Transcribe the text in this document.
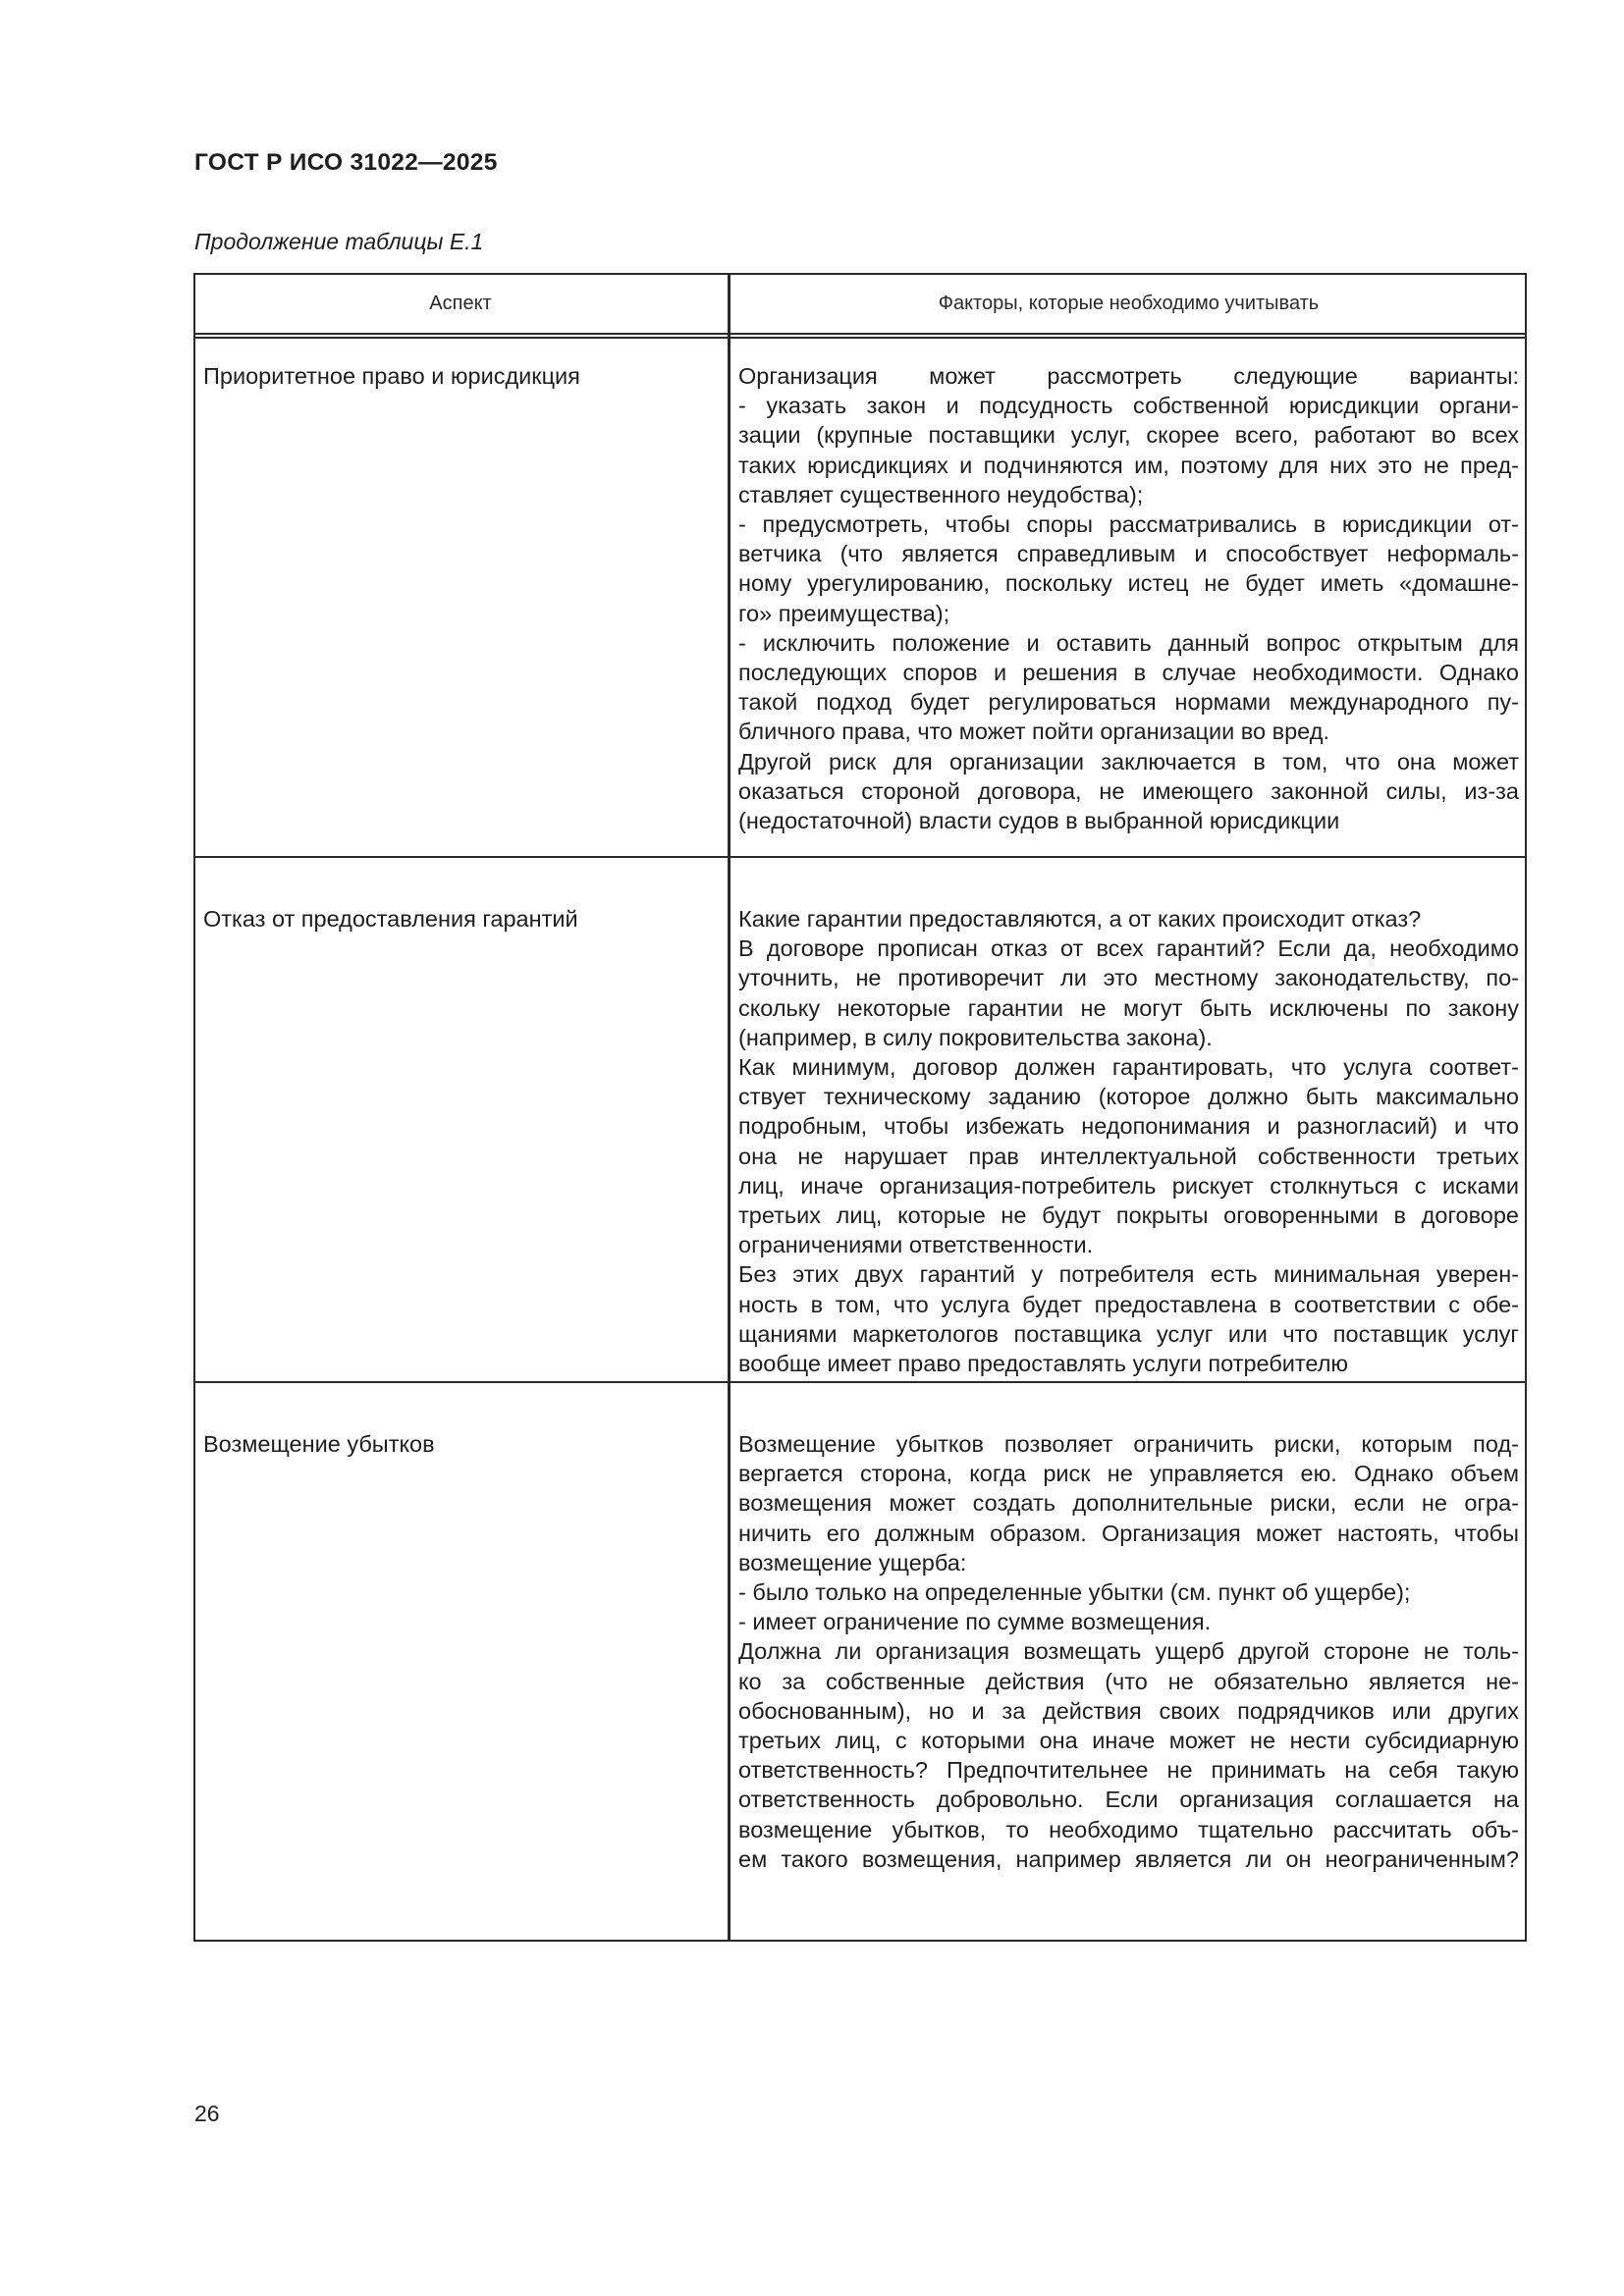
ГОСТ Р ИСО 31022—2025
Продолжение таблицы Е.1
Аспект	Факторы, которые необходимо учитывать
Приоритетное право и юрисдикция	Организация может рассмотреть следующие варианты:
- указать закон и подсудность собственной юрисдикции органи-
зации (крупные поставщики услуг, скорее всего, работают во всех
таких юрисдикциях и подчиняются им, поэтому для них это не пред-
ставляет существенного неудобства);
- предусмотреть, чтобы споры рассматривались в юрисдикции от-
ветчика (что является справедливым и способствует неформаль-
ному урегулированию, поскольку истец не будет иметь «домашне-
го» преимущества);
- исключить положение и оставить данный вопрос открытым для
последующих споров и решения в случае необходимости. Однако
такой подход будет регулироваться нормами международного пу-
бличного права, что может пойти организации во вред.
Другой риск для организации заключается в том, что она может
оказаться стороной договора, не имеющего законной силы, из-за
(недостаточной) власти судов в выбранной юрисдикции
Отказ от предоставления гарантий	Какие гарантии предоставляются, а от каких происходит отказ?
В договоре прописан отказ от всех гарантий? Если да, необходимо
уточнить, не противоречит ли это местному законодательству, по-
скольку некоторые гарантии не могут быть исключены по закону
(например, в силу покровительства закона).
Как минимум, договор должен гарантировать, что услуга соответ-
ствует техническому заданию (которое должно быть максимально
подробным, чтобы избежать недопонимания и разногласий) и что
она не нарушает прав интеллектуальной собственности третьих
лиц, иначе организация-потребитель рискует столкнуться с исками
третьих лиц, которые не будут покрыты оговоренными в договоре
ограничениями ответственности.
Без этих двух гарантий у потребителя есть минимальная уверен-
ность в том, что услуга будет предоставлена в соответствии с обе-
щаниями маркетологов поставщика услуг или что поставщик услуг
вообще имеет право предоставлять услуги потребителю
Возмещение убытков	Возмещение убытков позволяет ограничить риски, которым под-
вергается сторона, когда риск не управляется ею. Однако объем
возмещения может создать дополнительные риски, если не огра-
ничить его должным образом. Организация может настоять, чтобы
возмещение ущерба:
- было только на определенные убытки (см. пункт об ущербе);
- имеет ограничение по сумме возмещения.
Должна ли организация возмещать ущерб другой стороне не толь-
ко за собственные действия (что не обязательно является не-
обоснованным), но и за действия своих подрядчиков или других
третьих лиц, с которыми она иначе может не нести субсидиарную
ответственность? Предпочтительнее не принимать на себя такую
ответственность добровольно. Если организация соглашается на
возмещение убытков, то необходимо тщательно рассчитать объ-
ем такого возмещения, например является ли он неограниченным?
26
